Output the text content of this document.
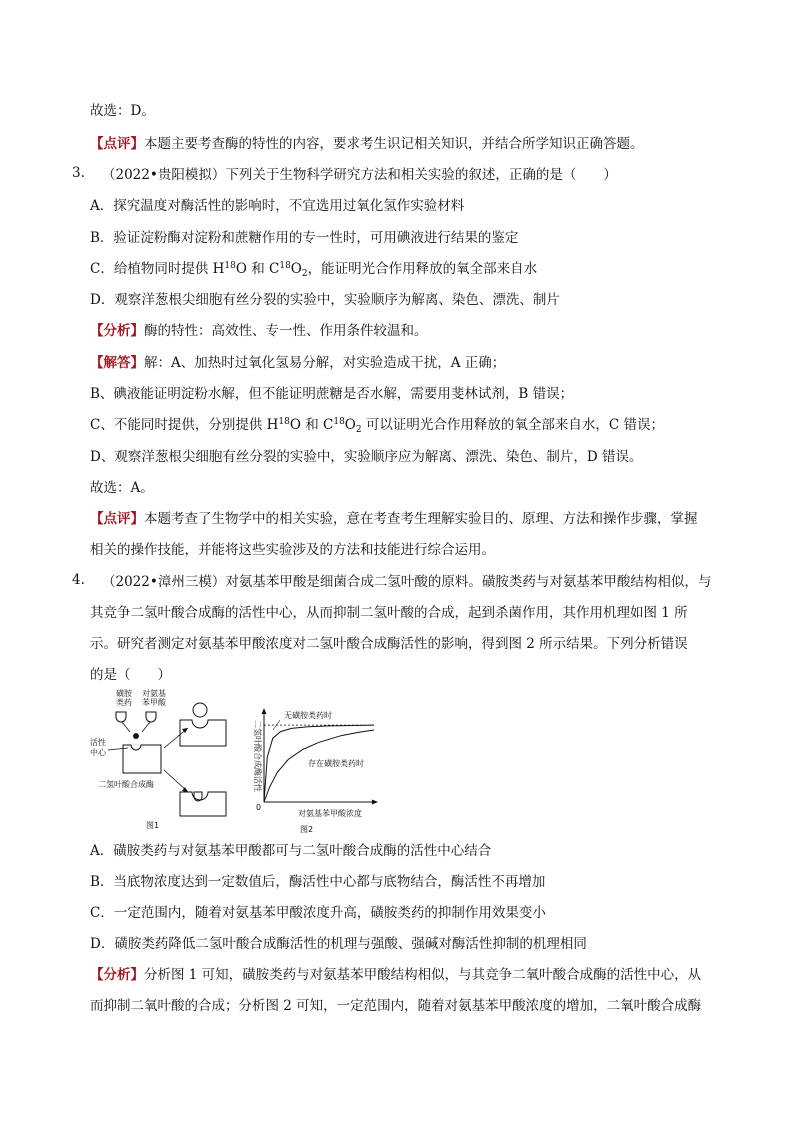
故选：D。
【点评】本题主要考查酶的特性的内容，要求考生识记相关知识，并结合所学知识正确答题。
3. （2022•贵阳模拟）下列关于生物科学研究方法和相关实验的叙述，正确的是（　　）
A．探究温度对酶活性的影响时，不宜选用过氧化氢作实验材料
B．验证淀粉酶对淀粉和蔗糖作用的专一性时，可用碘液进行结果的鉴定
C．给植物同时提供 $H^{18}O$ 和 $C^{18}O_2$，能证明光合作用释放的氧全部来自水
D．观察洋葱根尖细胞有丝分裂的实验中，实验顺序为解离、染色、漂洗、制片
【分析】酶的特性：高效性、专一性、作用条件较温和。
【解答】解：A、加热时过氧化氢易分解，对实验造成干扰，A 正确；
B、碘液能证明淀粉水解，但不能证明蔗糖是否水解，需要用斐林试剂，B 错误；
C、不能同时提供，分别提供 $H^{18}O$ 和 $C^{18}O_2$ 可以证明光合作用释放的氧全部来自水，C 错误；
D、观察洋葱根尖细胞有丝分裂的实验中，实验顺序应为解离、漂洗、染色、制片，D 错误。
故选：A。
【点评】本题考查了生物学中的相关实验，意在考查考生理解实验目的、原理、方法和操作步骤，掌握
相关的操作技能，并能将这些实验涉及的方法和技能进行综合运用。
4. （2022•漳州三模）对氨基苯甲酸是细菌合成二氢叶酸的原料。磺胺类药与对氨基苯甲酸结构相似，与
其竞争二氢叶酸合成酶的活性中心，从而抑制二氢叶酸的合成，起到杀菌作用，其作用机理如图 1 所
示。研究者测定对氨基苯甲酸浓度对二氢叶酸合成酶活性的影响，得到图 2 所示结果。下列分析错误
的是（　　）
磺胺
类药
对氨基
苯甲酸
活性
中心
二氢叶酸合成酶
图1
0
二氢叶酸合成酶活性
对氨基苯甲酸浓度
图2
无磺胺类药时
存在磺胺类药时
A．磺胺类药与对氨基苯甲酸都可与二氢叶酸合成酶的活性中心结合
B．当底物浓度达到一定数值后，酶活性中心都与底物结合，酶活性不再增加
C．一定范围内，随着对氨基苯甲酸浓度升高，磺胺类药的抑制作用效果变小
D．磺胺类药降低二氢叶酸合成酶活性的机理与强酸、强碱对酶活性抑制的机理相同
【分析】分析图 1 可知，磺胺类药与对氨基苯甲酸结构相似，与其竞争二氧叶酸合成酶的活性中心，从
而抑制二氧叶酸的合成；分析图 2 可知，一定范围内，随着对氨基苯甲酸浓度的增加，二氧叶酸合成酶
